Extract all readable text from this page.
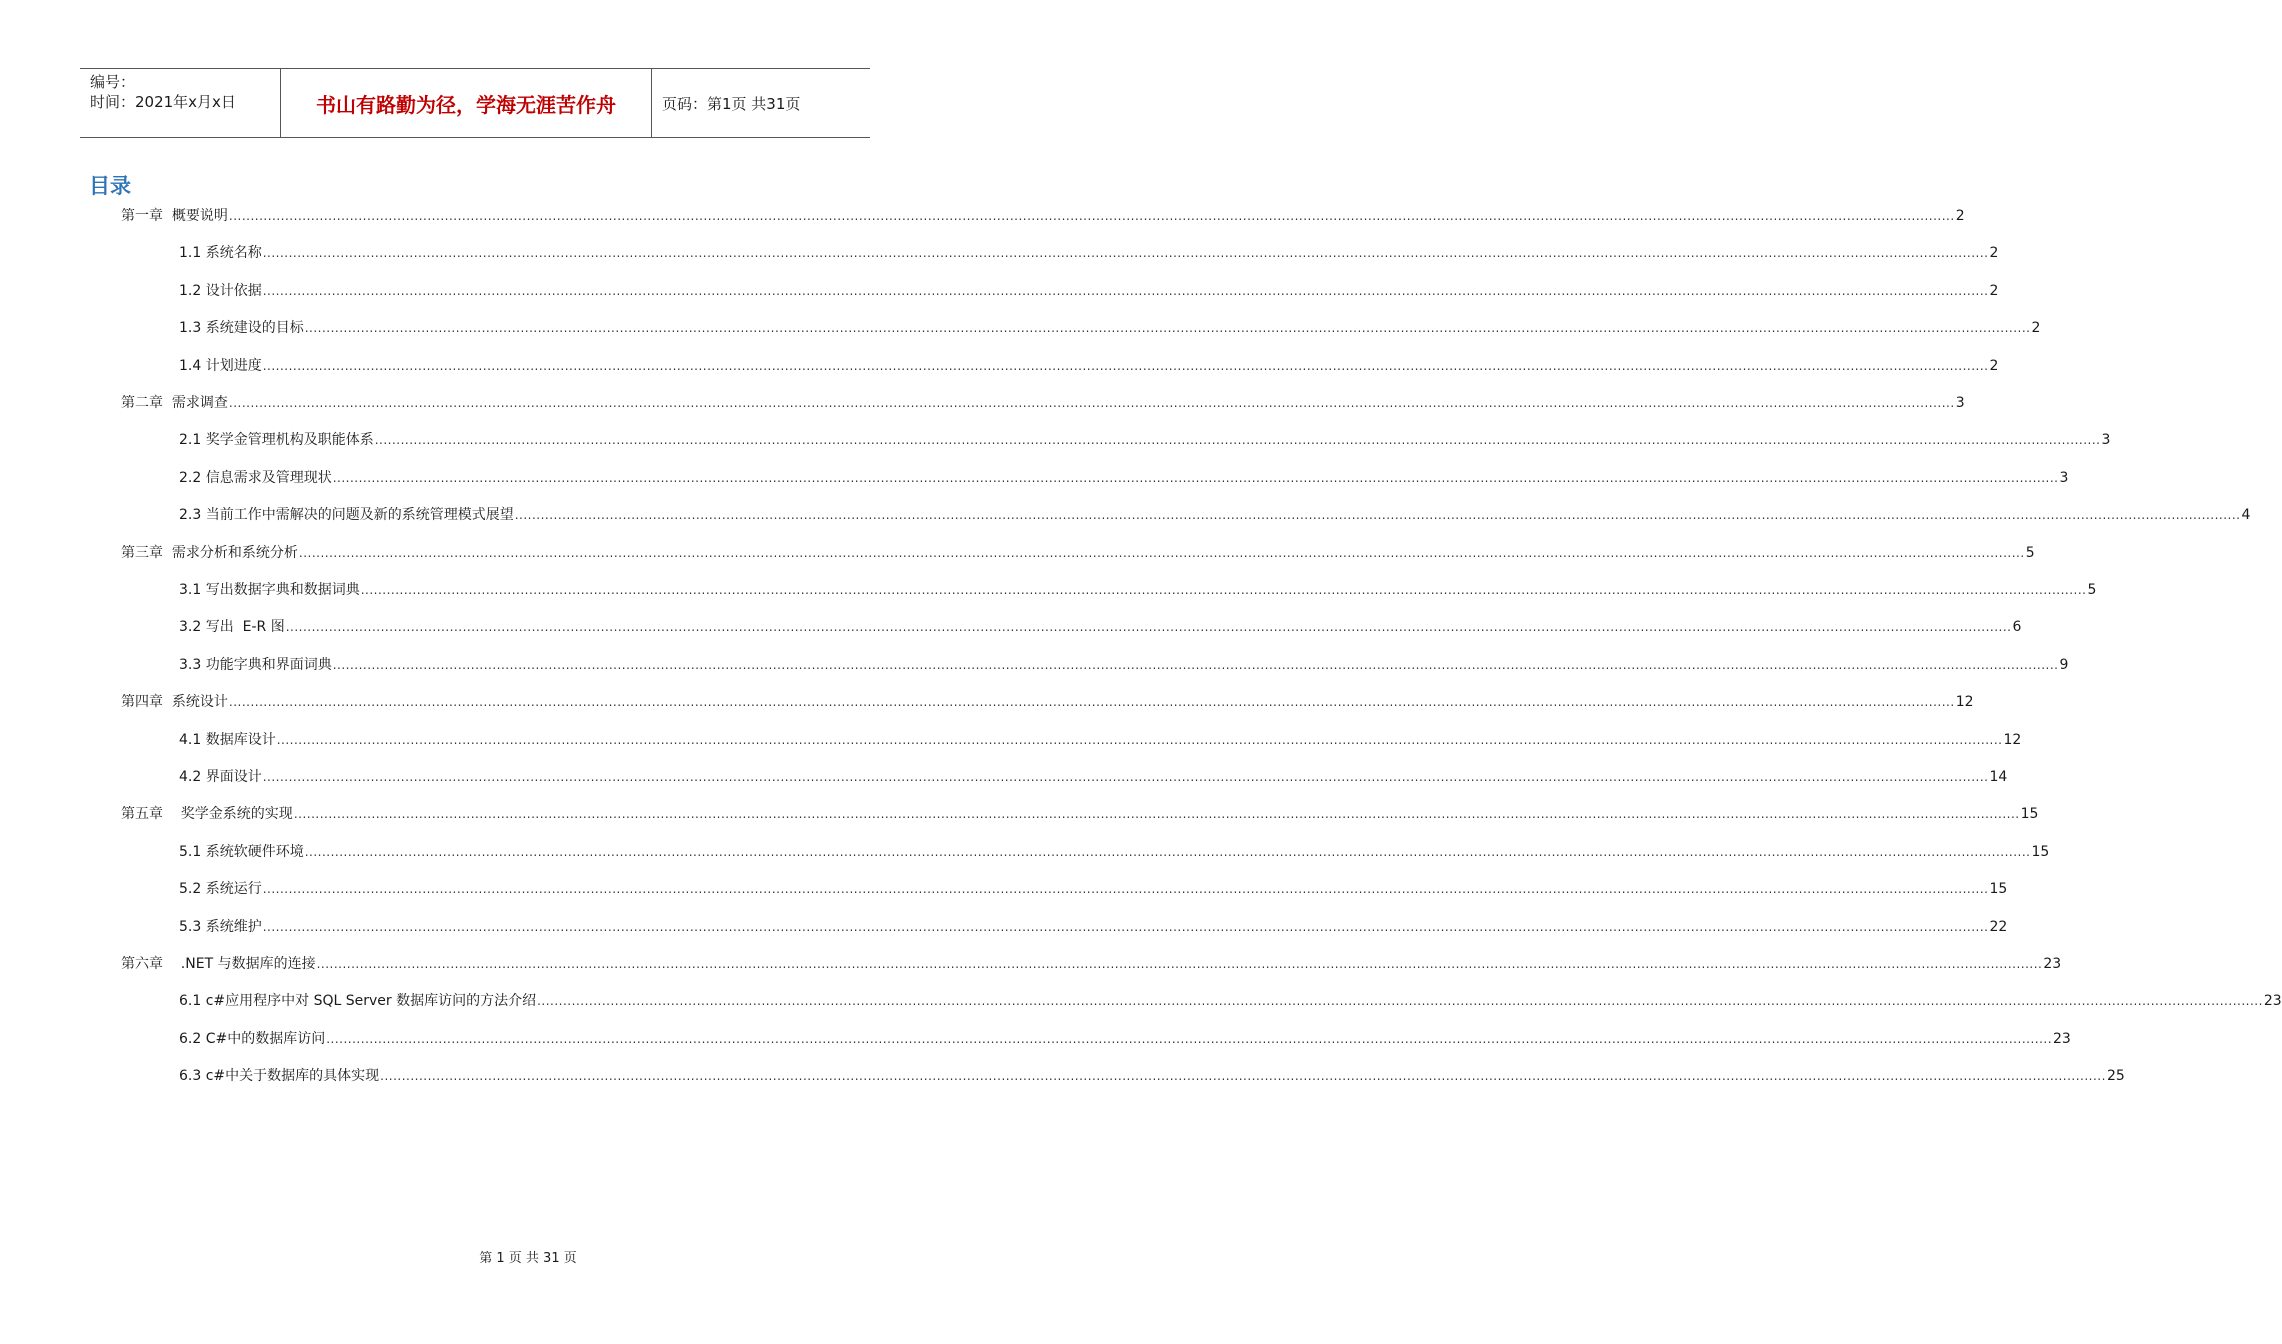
编号：
时间：2021年x月x日	书山有路勤为径，学海无涯苦作舟	页码：第1页 共31页
目录
第一章  概要说明 ................................................................................................................................................................................................................................................................................................................................................................................................................ 2
1.1 系统名称 ................................................................................................................................................................................................................................................................................................................................................................................................................ 2
1.2 设计依据 ................................................................................................................................................................................................................................................................................................................................................................................................................ 2
1.3 系统建设的目标 ................................................................................................................................................................................................................................................................................................................................................................................................................ 2
1.4 计划进度 ................................................................................................................................................................................................................................................................................................................................................................................................................ 2
第二章  需求调查 ................................................................................................................................................................................................................................................................................................................................................................................................................ 3
2.1 奖学金管理机构及职能体系 ................................................................................................................................................................................................................................................................................................................................................................................................................ 3
2.2 信息需求及管理现状 ................................................................................................................................................................................................................................................................................................................................................................................................................ 3
2.3 当前工作中需解决的问题及新的系统管理模式展望 ................................................................................................................................................................................................................................................................................................................................................................................................................ 4
第三章  需求分析和系统分析 ................................................................................................................................................................................................................................................................................................................................................................................................................ 5
3.1 写出数据字典和数据词典 ................................................................................................................................................................................................................................................................................................................................................................................................................ 5
3.2 写出  E-R 图 ................................................................................................................................................................................................................................................................................................................................................................................................................ 6
3.3 功能字典和界面词典 ................................................................................................................................................................................................................................................................................................................................................................................................................ 9
第四章  系统设计 ................................................................................................................................................................................................................................................................................................................................................................................................................ 12
4.1 数据库设计 ................................................................................................................................................................................................................................................................................................................................................................................................................ 12
4.2 界面设计 ................................................................................................................................................................................................................................................................................................................................................................................................................ 14
第五章    奖学金系统的实现 ................................................................................................................................................................................................................................................................................................................................................................................................................ 15
5.1 系统软硬件环境 ................................................................................................................................................................................................................................................................................................................................................................................................................ 15
5.2 系统运行 ................................................................................................................................................................................................................................................................................................................................................................................................................ 15
5.3 系统维护 ................................................................................................................................................................................................................................................................................................................................................................................................................ 22
第六章    .NET 与数据库的连接 ................................................................................................................................................................................................................................................................................................................................................................................................................ 23
6.1 c#应用程序中对 SQL Server 数据库访问的方法介绍 ................................................................................................................................................................................................................................................................................................................................................................................................................ 23
6.2 C#中的数据库访问 ................................................................................................................................................................................................................................................................................................................................................................................................................ 23
6.3 c#中关于数据库的具体实现 ................................................................................................................................................................................................................................................................................................................................................................................................................ 25
第 1 页 共 31 页
